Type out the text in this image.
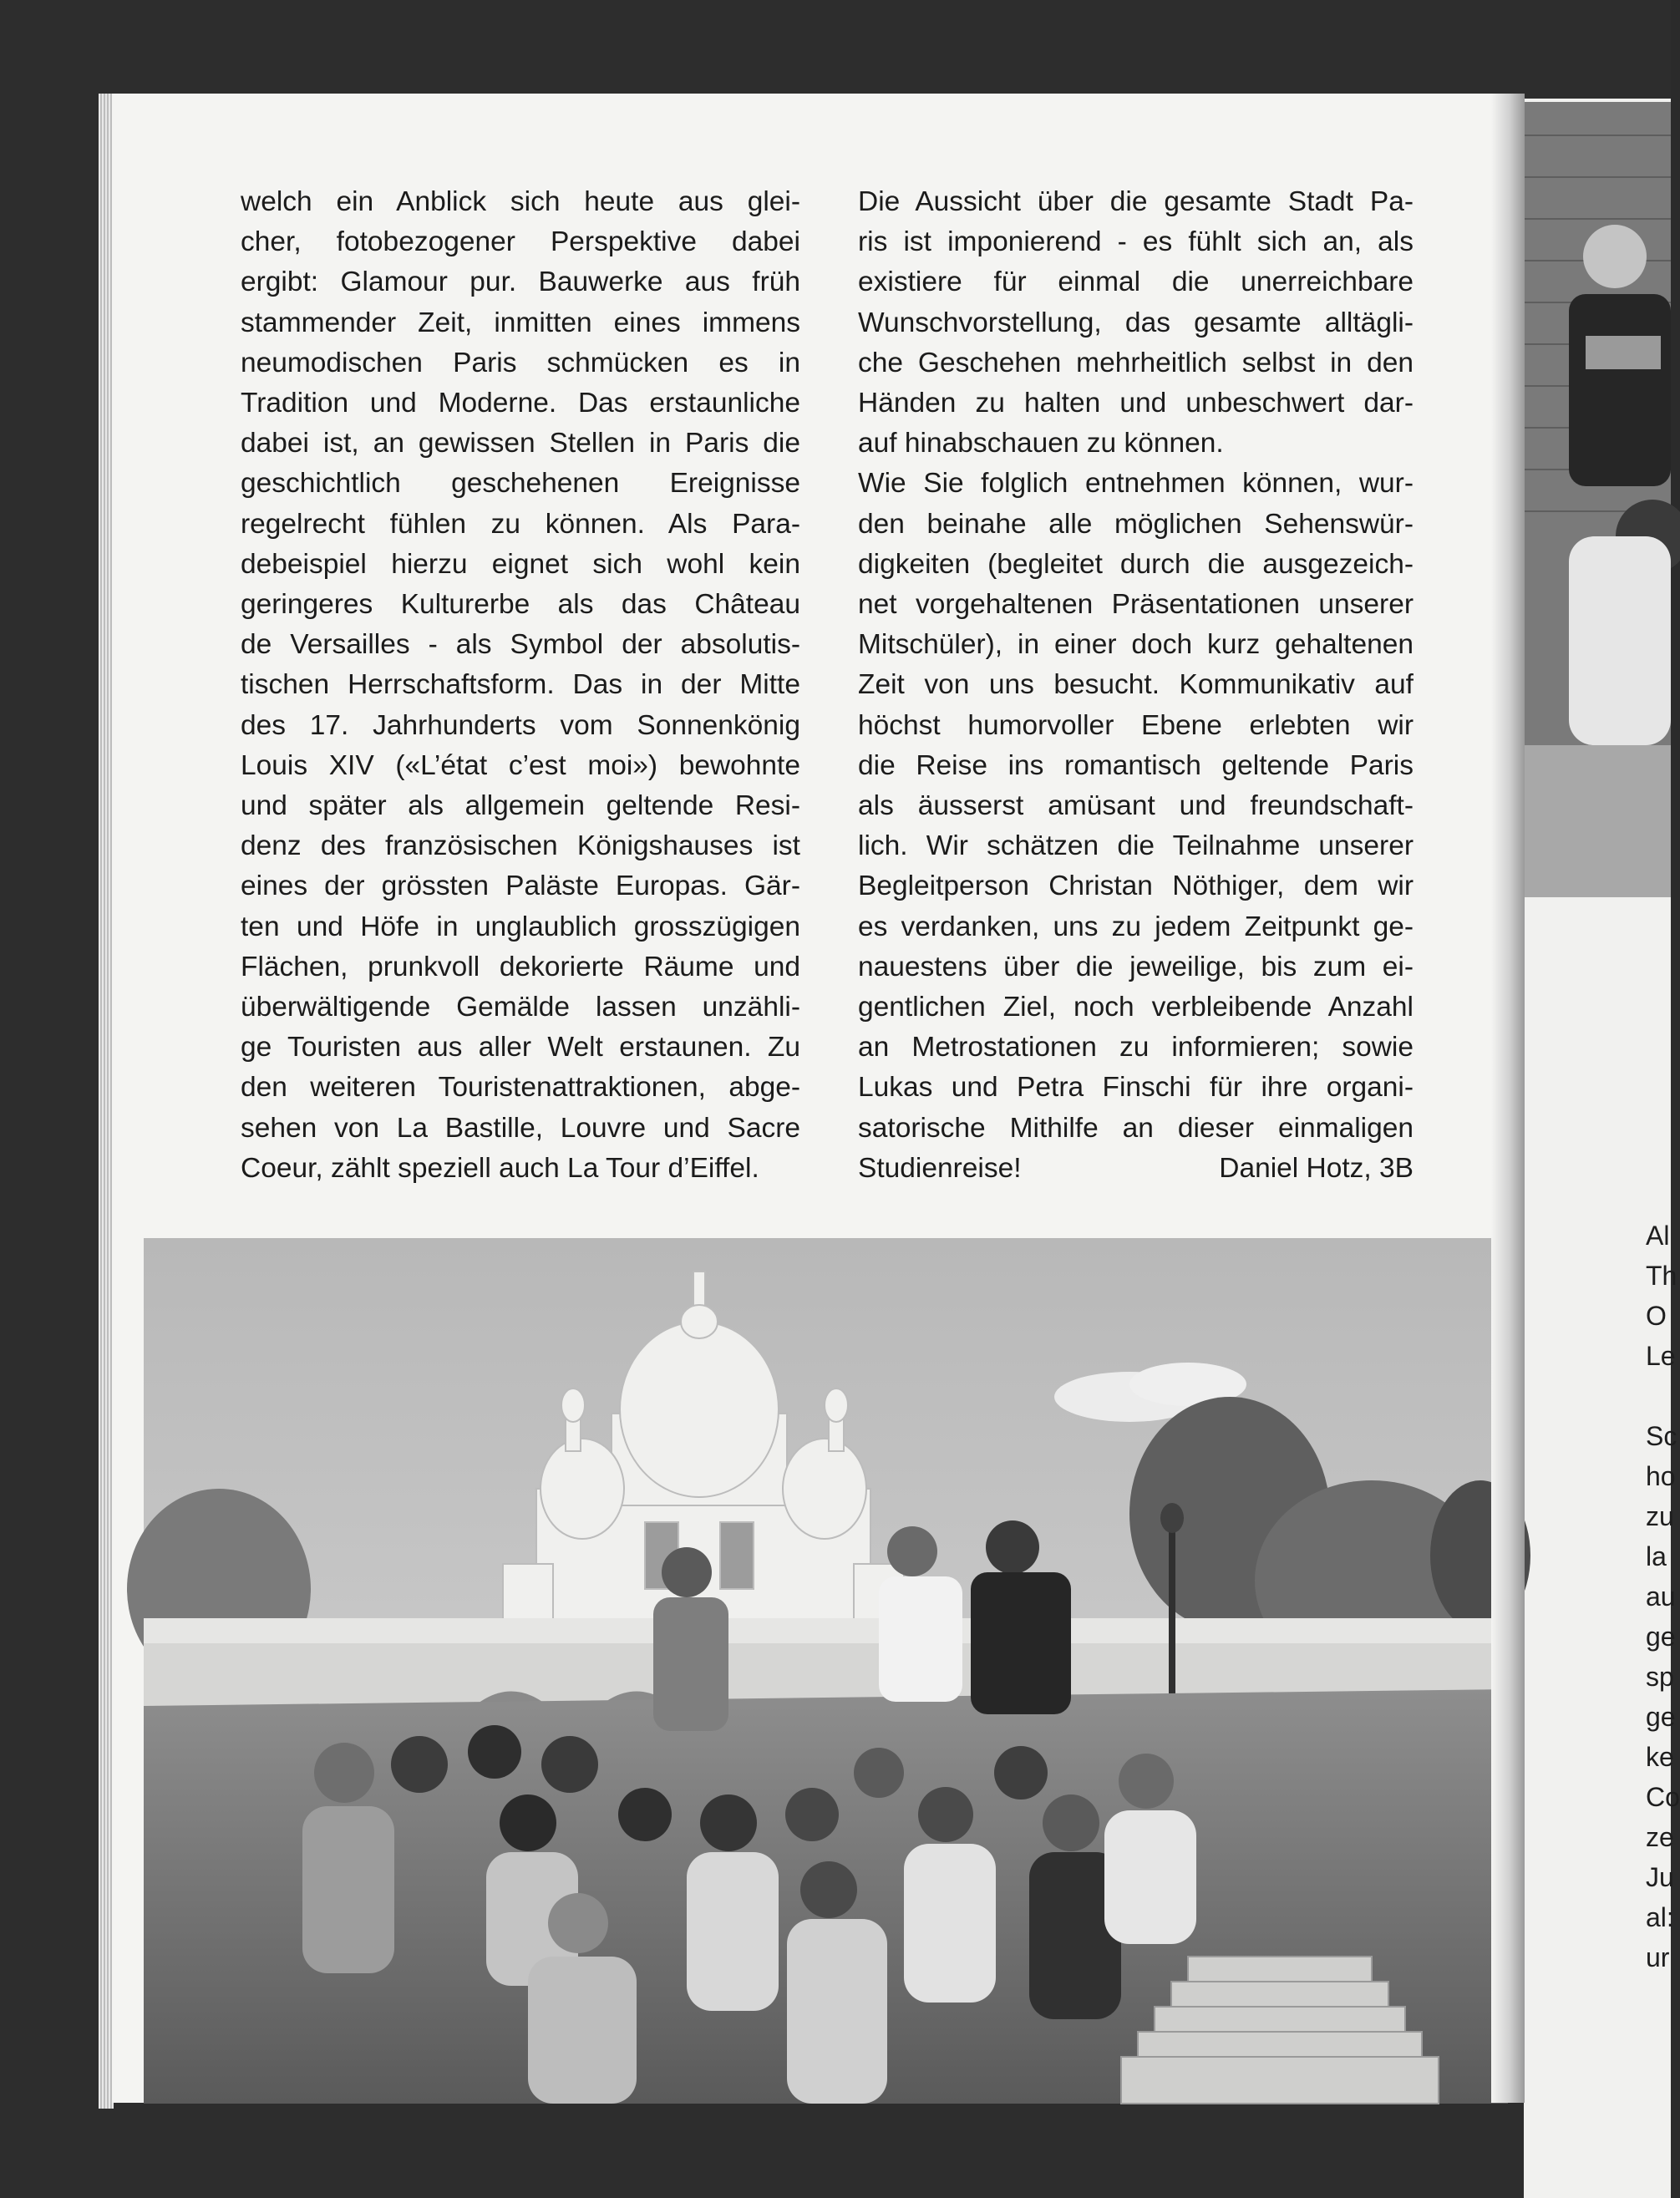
welch ein Anblick sich heute aus glei-

cher, fotobezogener Perspektive dabei

ergibt: Glamour pur. Bauwerke aus früh

stammender Zeit, inmitten eines immens

neumodischen Paris schmücken es in

Tradition und Moderne. Das erstaunliche

dabei ist, an gewissen Stellen in Paris die

geschichtlich geschehenen Ereignisse

regelrecht fühlen zu können. Als Para-

debeispiel hierzu eignet sich wohl kein

geringeres Kulturerbe als das Château

de Versailles - als Symbol der absolutis-

tischen Herrschaftsform. Das in der Mitte

des 17. Jahrhunderts vom Sonnenkönig

Louis XIV («L’état c’est moi») bewohnte

und später als allgemein geltende Resi-

denz des französischen Königshauses ist

eines der grössten Paläste Europas. Gär-

ten und Höfe in unglaublich grosszügigen

Flächen, prunkvoll dekorierte Räume und

überwältigende Gemälde lassen unzähli-

ge Touristen aus aller Welt erstaunen. Zu

den weiteren Touristenattraktionen, abge-

sehen von La Bastille, Louvre und Sacre

Coeur, zählt speziell auch La Tour d’Eiffel.

Die Aussicht über die gesamte Stadt Pa-

ris ist imponierend - es fühlt sich an, als

existiere für einmal die unerreichbare

Wunschvorstellung, das gesamte alltägli-

che Geschehen mehrheitlich selbst in den

Händen zu halten und unbeschwert dar-

auf hinabschauen zu können.

Wie Sie folglich entnehmen können, wur-

den beinahe alle möglichen Sehenswür-

digkeiten (begleitet durch die ausgezeich-

net vorgehaltenen Präsentationen unserer

Mitschüler), in einer doch kurz gehaltenen

Zeit von uns besucht. Kommunikativ auf

höchst humorvoller Ebene erlebten wir

die Reise ins romantisch geltende Paris

als äusserst amüsant und freundschaft-

lich. Wir schätzen die Teilnahme unserer

Begleitperson Christan Nöthiger, dem wir

es verdanken, uns zu jedem Zeitpunkt ge-

nauestens über die jeweilige, bis zum ei-

gentlichen Ziel, noch verbleibende Anzahl

an Metrostationen zu informieren; sowie

Lukas und Petra Finschi für ihre organi-

satorische Mithilfe an dieser einmaligen

Studienreise!	Daniel Hotz, 3B
Al
Th
O
Le
Sc
ho
zu
la
au
ge
sp
ge
ke
Co
ze
Ju
al:
ur
